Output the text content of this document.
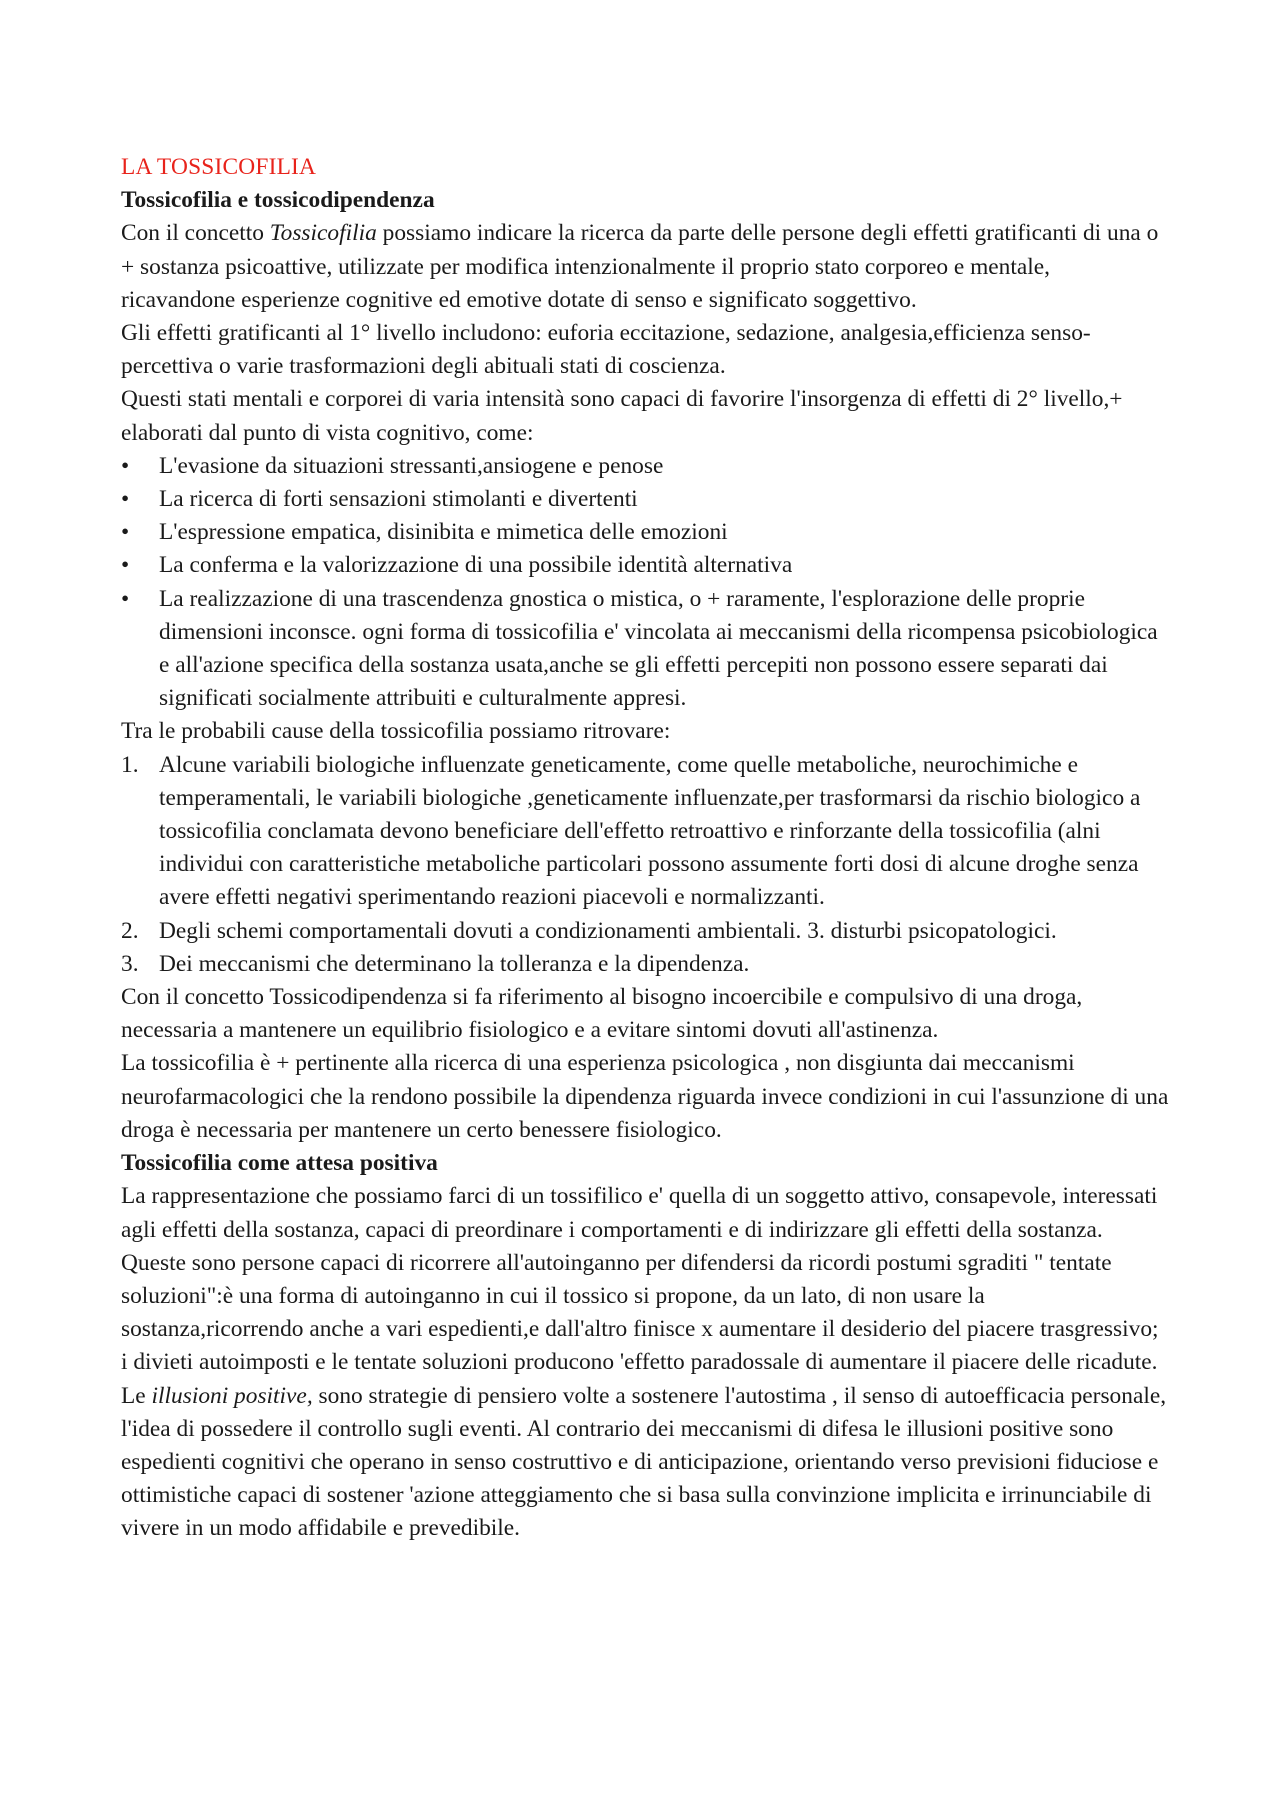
LA TOSSICOFILIA
Tossicofilia e tossicodipendenza

Con il concetto Tossicofilia possiamo indicare la ricerca da parte delle persone degli effetti gratificanti di una o + sostanza psicoattive, utilizzate per modifica intenzionalmente il proprio stato corporeo e mentale, ricavandone esperienze cognitive ed emotive dotate di senso e significato soggettivo.

Gli effetti gratificanti al 1° livello includono: euforia eccitazione, sedazione, analgesia,efficienza senso- percettiva o varie trasformazioni degli abituali stati di coscienza.

Questi stati mentali e corporei di varia intensità sono capaci di favorire l'insorgenza di effetti di 2° livello,+ elaborati dal punto di vista cognitivo, come:

•	L'evasione da situazioni stressanti,ansiogene e penose
•	La ricerca di forti sensazioni stimolanti e divertenti
•	L'espressione empatica, disinibita e mimetica delle emozioni
•	La conferma e la valorizzazione di una possibile identità alternativa
•	La realizzazione di una trascendenza gnostica o mistica, o + raramente, l'esplorazione delle proprie dimensioni inconsce. ogni forma di tossicofilia e' vincolata ai meccanismi della ricompensa psicobiologica e all'azione specifica della sostanza usata,anche se gli effetti percepiti non possono essere separati dai significati socialmente attribuiti e culturalmente appresi.

Tra le probabili cause della tossicofilia possiamo ritrovare:

1. Alcune variabili biologiche influenzate geneticamente, come quelle metaboliche, neurochimiche e temperamentali, le variabili biologiche ,geneticamente influenzate,per trasformarsi da rischio biologico a tossicofilia conclamata devono beneficiare dell'effetto retroattivo e rinforzante della tossicofilia (alni individui con caratteristiche metaboliche particolari possono assumente forti dosi di alcune droghe senza avere effetti negativi sperimentando reazioni piacevoli e normalizzanti.
2. Degli schemi comportamentali dovuti a condizionamenti ambientali. 3. disturbi psicopatologici.
3. Dei meccanismi che determinano la tolleranza e la dipendenza.

Con il concetto Tossicodipendenza si fa riferimento al bisogno incoercibile e compulsivo di una droga, necessaria a mantenere un equilibrio fisiologico e a evitare sintomi dovuti all'astinenza.

La tossicofilia è + pertinente alla ricerca di una esperienza psicologica , non disgiunta dai meccanismi neurofarmacologici che la rendono possibile la dipendenza riguarda invece condizioni in cui l'assunzione di una droga è necessaria per mantenere un certo benessere fisiologico.

Tossicofilia come attesa positiva

La rappresentazione che possiamo farci di un tossifilico e' quella di un soggetto attivo, consapevole, interessati agli effetti della sostanza, capaci di preordinare i comportamenti e di indirizzare gli effetti della sostanza. Queste sono persone capaci di ricorrere all'autoinganno per difendersi da ricordi postumi sgraditi " tentate soluzioni":è una forma di autoinganno in cui il tossico si propone, da un lato, di non usare la sostanza,ricorrendo anche a vari espedienti,e dall'altro finisce x aumentare il desiderio del piacere trasgressivo; i divieti autoimposti e le tentate soluzioni producono 'effetto paradossale di aumentare il piacere delle ricadute. Le illusioni positive, sono strategie di pensiero volte a sostenere l'autostima , il senso di autoefficacia personale, l'idea di possedere il controllo sugli eventi. Al contrario dei meccanismi di difesa le illusioni positive sono espedienti cognitivi che operano in senso costruttivo e di anticipazione, orientando verso previsioni fiduciose e ottimistiche capaci di sostener 'azione atteggiamento che si basa sulla convinzione implicita e irrinunciabile di vivere in un modo affidabile e prevedibile.
